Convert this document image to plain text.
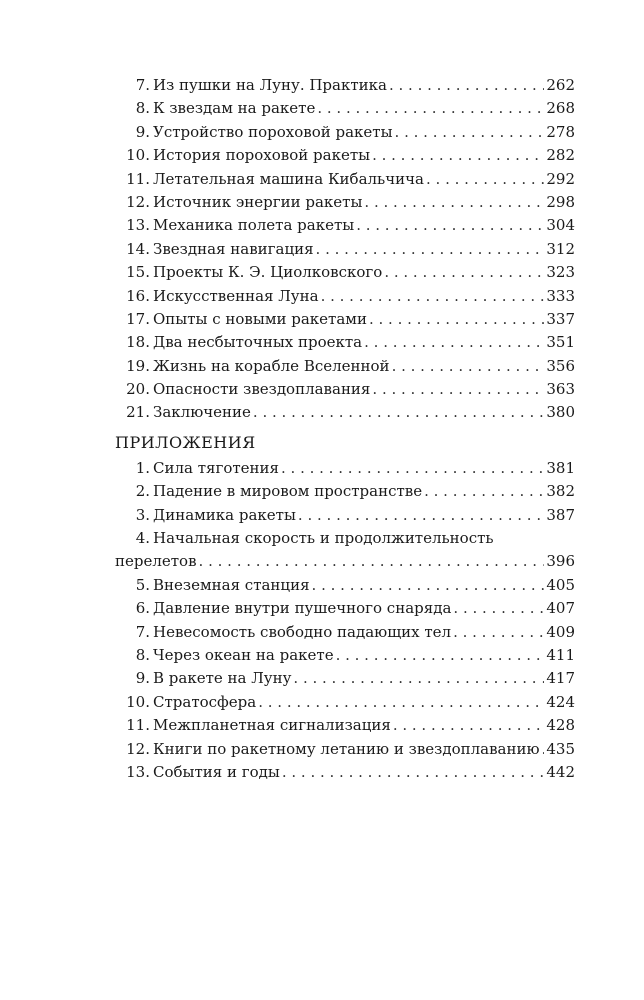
7. Из пушки на Луну. Практика . . .	262
8. К звездам на ракете . . .	268
9. Устройство пороховой ракеты . . .	278
10. История пороховой ракеты . . .	282
11. Летательная машина Кибальчича . . .	292
12. Источник энергии ракеты . . .	298
13. Механика полета ракеты . . .	304
14. Звездная навигация . . .	312
15. Проекты К. Э. Циолковского . . .	323
16. Искусственная Луна . . .	333
17. Опыты с новыми ракетами . . .	337
18. Два несбыточных проекта . . .	351
19. Жизнь на корабле Вселенной . . .	356
20. Опасности звездоплавания . . .	363
21. Заключение . . .	380
ПРИЛОЖЕНИЯ
1. Сила тяготения . . .	381
2. Падение в мировом пространстве . . .	382
3. Динамика ракеты . . .	387
4. Начальная скорость и продолжительность
перелетов . . .	396
5. Внеземная станция . . .	405
6. Давление внутри пушечного снаряда . . .	407
7. Невесомость свободно падающих тел . . .	409
8. Через океан на ракете . . .	411
9. В ракете на Луну . . .	417
10. Стратосфера . . .	424
11. Межпланетная сигнализация . . .	428
12. Книги по ракетному летанию и звездоплаванию . . . 435
13. События и годы . . .	442
